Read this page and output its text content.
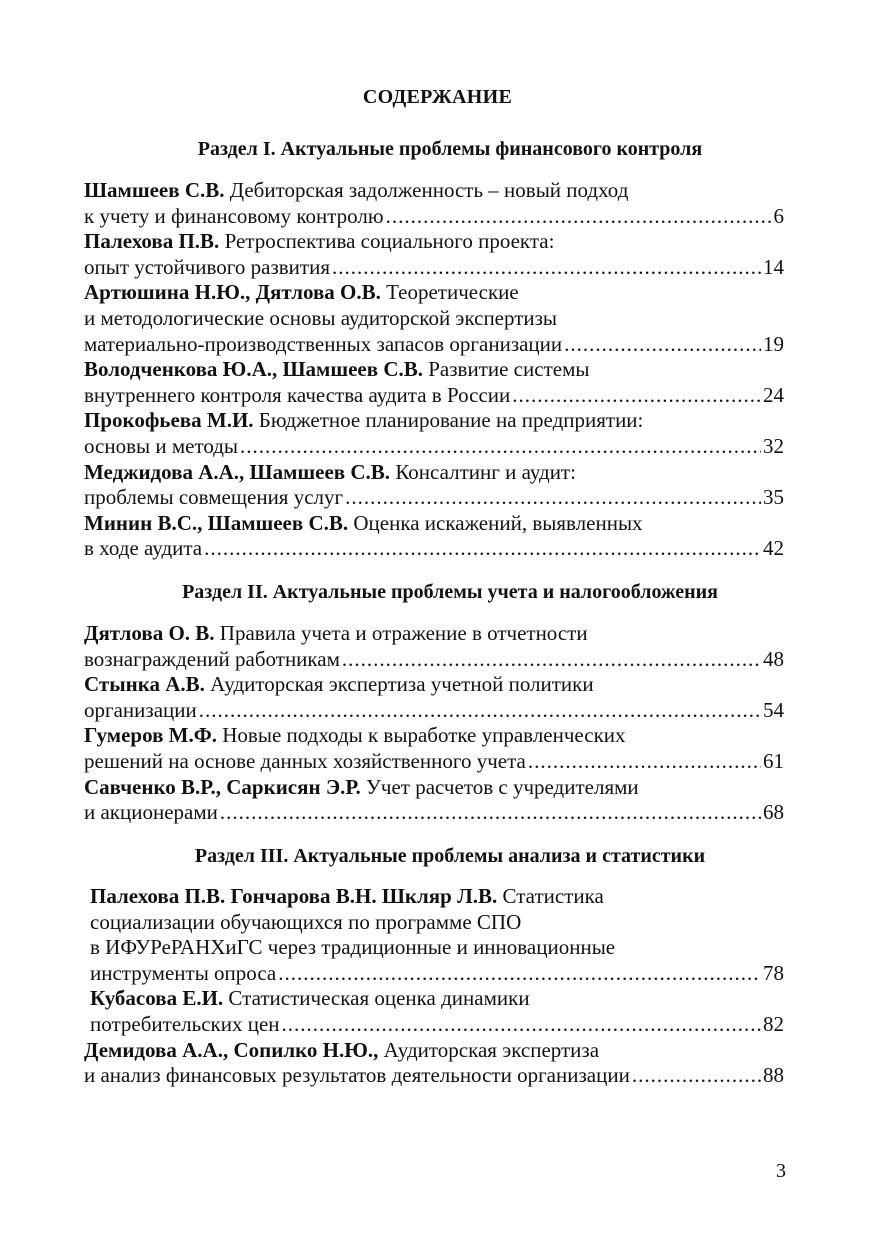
СОДЕРЖАНИЕ
Раздел I. Актуальные проблемы финансового контроля
Шамшеев С.В. Дебиторская задолженность – новый подход
к учету и финансовому контролю .....	6
Палехова П.В. Ретроспектива социального проекта:
опыт устойчивого развития .....	14
Артюшина Н.Ю., Дятлова О.В. Теоретические
и методологические основы аудиторской экспертизы
материально-производственных запасов организации .....	19
Володченкова Ю.А., Шамшеев С.В. Развитие системы
внутреннего контроля качества аудита в России .....	24
Прокофьева М.И. Бюджетное планирование на предприятии:
основы и методы .....	32
Меджидова А.А., Шамшеев С.В. Консалтинг и аудит:
проблемы совмещения услуг .....	35
Минин В.С., Шамшеев С.В. Оценка искажений, выявленных
в ходе аудита .....	42
Раздел II. Актуальные проблемы учета и налогообложения
Дятлова О. В. Правила учета и отражение в отчетности
вознаграждений работникам .....	48
Стынка А.В. Аудиторская экспертиза учетной политики
организации .....	54
Гумеров М.Ф. Новые подходы к выработке управленческих
решений на основе данных хозяйственного учета .....	61
Савченко В.Р., Саркисян Э.Р. Учет расчетов с учредителями
и акционерами .....	68
Раздел III. Актуальные проблемы анализа и статистики
Палехова П.В. Гончарова В.Н. Шкляр Л.В. Статистика
социализации обучающихся по программе СПО
в ИФУРеРАНХиГС через традиционные и инновационные
инструменты опроса .....	78
Кубасова Е.И. Статистическая оценка динамики
потребительских цен .....	82
Демидова А.А., Сопилко Н.Ю., Аудиторская экспертиза
и анализ финансовых результатов деятельности организации .....	88
3
